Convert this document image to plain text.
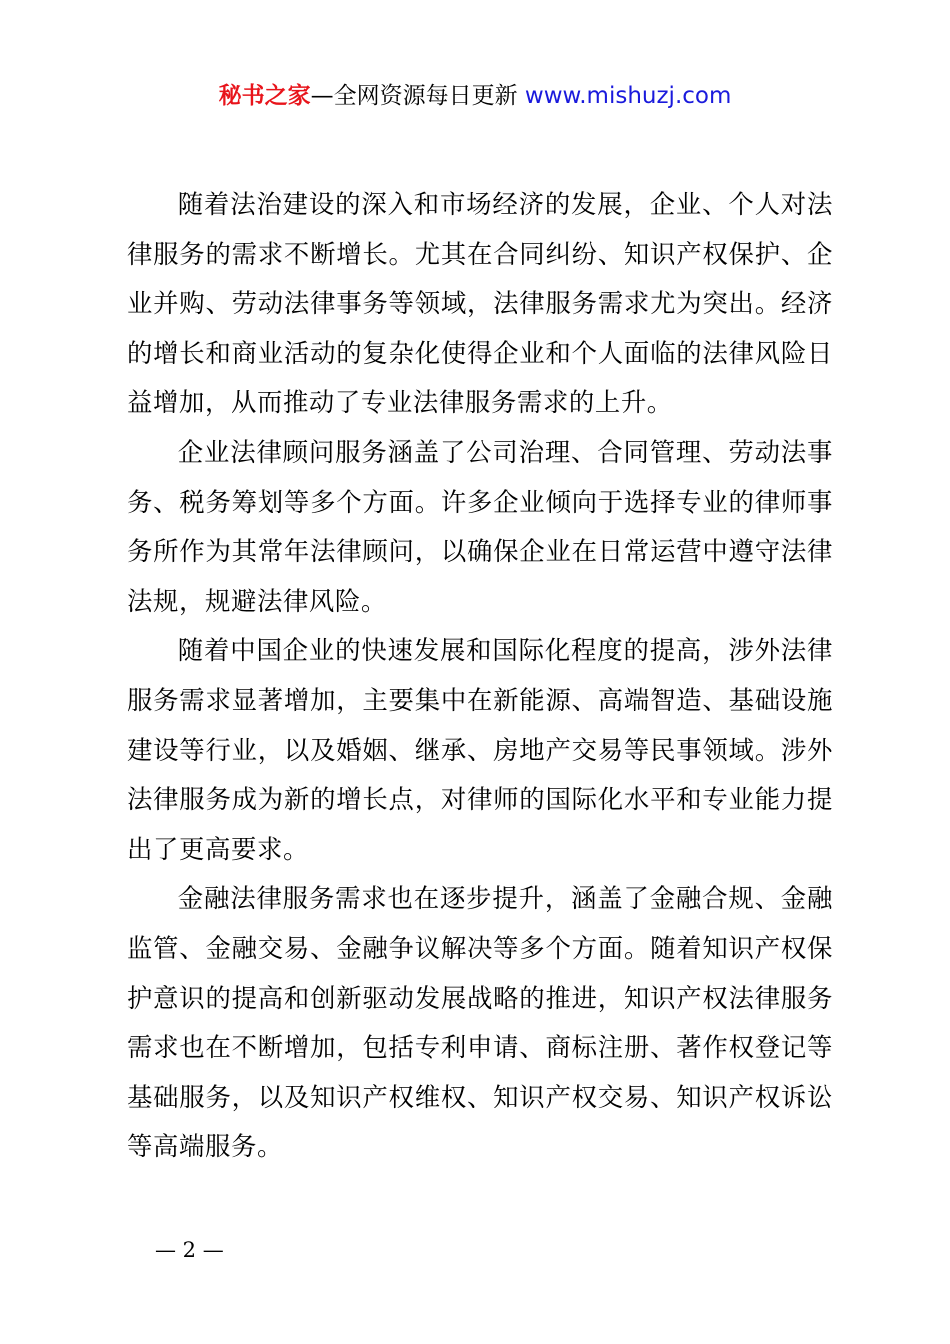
秘书之家—全网资源每日更新 www.mishuzj.com

随着法治建设的深入和市场经济的发展，企业、个人对法律服务的需求不断增长。尤其在合同纠纷、知识产权保护、企业并购、劳动法律事务等领域，法律服务需求尤为突出。经济的增长和商业活动的复杂化使得企业和个人面临的法律风险日益增加，从而推动了专业法律服务需求的上升。

企业法律顾问服务涵盖了公司治理、合同管理、劳动法事务、税务筹划等多个方面。许多企业倾向于选择专业的律师事务所作为其常年法律顾问，以确保企业在日常运营中遵守法律法规，规避法律风险。

随着中国企业的快速发展和国际化程度的提高，涉外法律服务需求显著增加，主要集中在新能源、高端智造、基础设施建设等行业，以及婚姻、继承、房地产交易等民事领域。涉外法律服务成为新的增长点，对律师的国际化水平和专业能力提出了更高要求。

金融法律服务需求也在逐步提升，涵盖了金融合规、金融监管、金融交易、金融争议解决等多个方面。随着知识产权保护意识的提高和创新驱动发展战略的推进，知识产权法律服务需求也在不断增加，包括专利申请、商标注册、著作权登记等基础服务，以及知识产权维权、知识产权交易、知识产权诉讼等高端服务。

— 2 —
